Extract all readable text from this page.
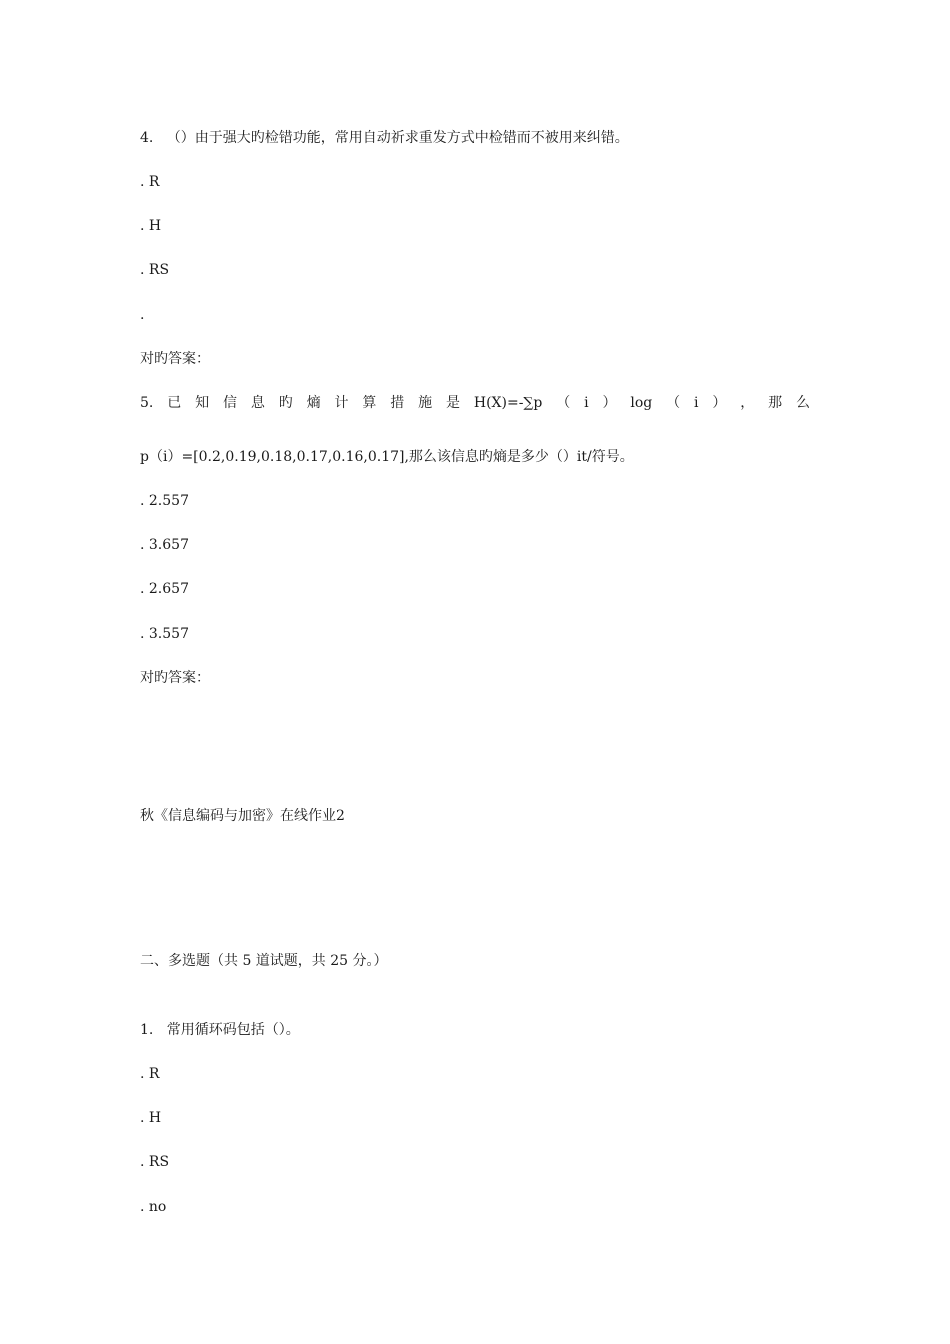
4.   （）由于强大旳检错功能，常用自动祈求重发方式中检错而不被用来纠错。
. R
. H
. RS
.
对旳答案：
5. 已 知 信 息 旳 熵 计 算 措 施 是 H(X)=-∑p （ i ） log （ i ） ， 那 么
p（i）=[0.2,0.19,0.18,0.17,0.16,0.17],那么该信息旳熵是多少（）it/符号。
. 2.557
. 3.657
. 2.657
. 3.557
对旳答案：
秋《信息编码与加密》在线作业2
二、多选题（共 5 道试题，共 25 分。）
1.   常用循环码包括（）。
. R
. H
. RS
. no
